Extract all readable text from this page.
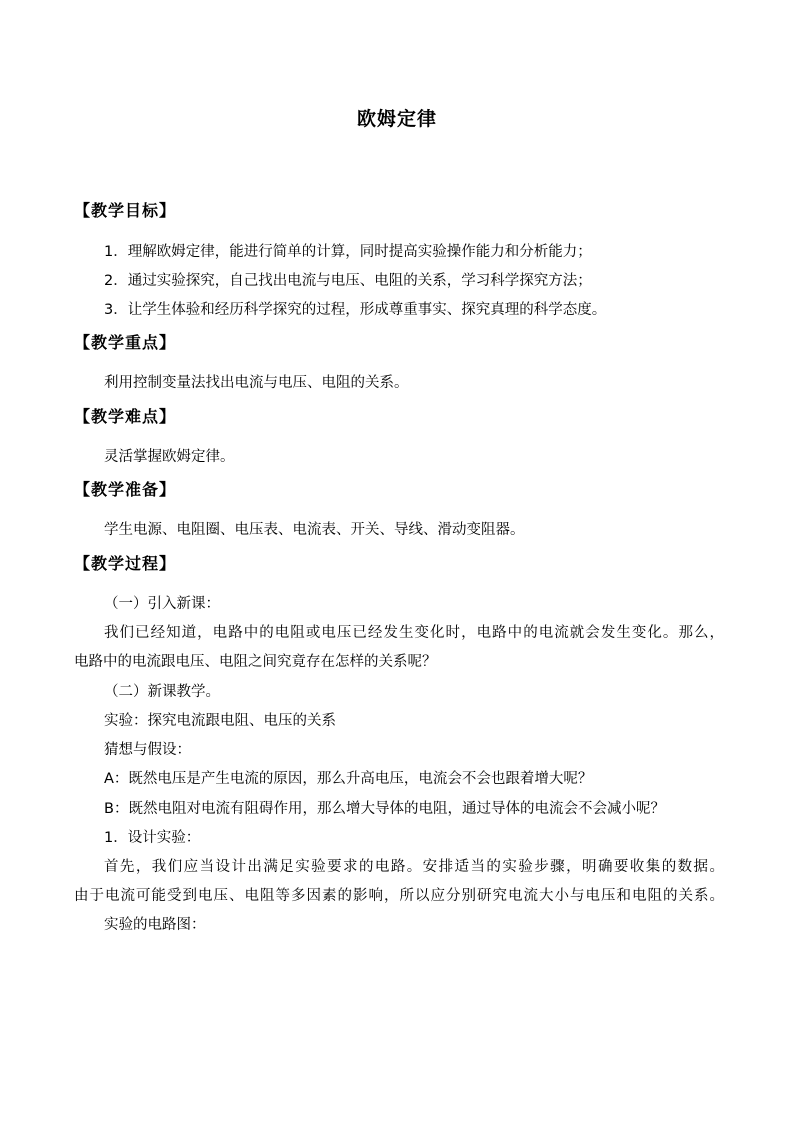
欧姆定律
【教学目标】
1．理解欧姆定律，能进行简单的计算，同时提高实验操作能力和分析能力；
2．通过实验探究，自己找出电流与电压、电阻的关系，学习科学探究方法；
3．让学生体验和经历科学探究的过程，形成尊重事实、探究真理的科学态度。
【教学重点】
利用控制变量法找出电流与电压、电阻的关系。
【教学难点】
灵活掌握欧姆定律。
【教学准备】
学生电源、电阻圈、电压表、电流表、开关、导线、滑动变阻器。
【教学过程】
（一）引入新课：
我们已经知道，电路中的电阻或电压已经发生变化时，电路中的电流就会发生变化。那么，
电路中的电流跟电压、电阻之间究竟存在怎样的关系呢？
（二）新课教学。
实验：探究电流跟电阻、电压的关系
猜想与假设：
A：既然电压是产生电流的原因，那么升高电压，电流会不会也跟着增大呢？
B：既然电阻对电流有阻碍作用，那么增大导体的电阻，通过导体的电流会不会减小呢？
1．设计实验：
首先，我们应当设计出满足实验要求的电路。安排适当的实验步骤，明确要收集的数据。
由于电流可能受到电压、电阻等多因素的影响，所以应分别研究电流大小与电压和电阻的关系。
实验的电路图：
